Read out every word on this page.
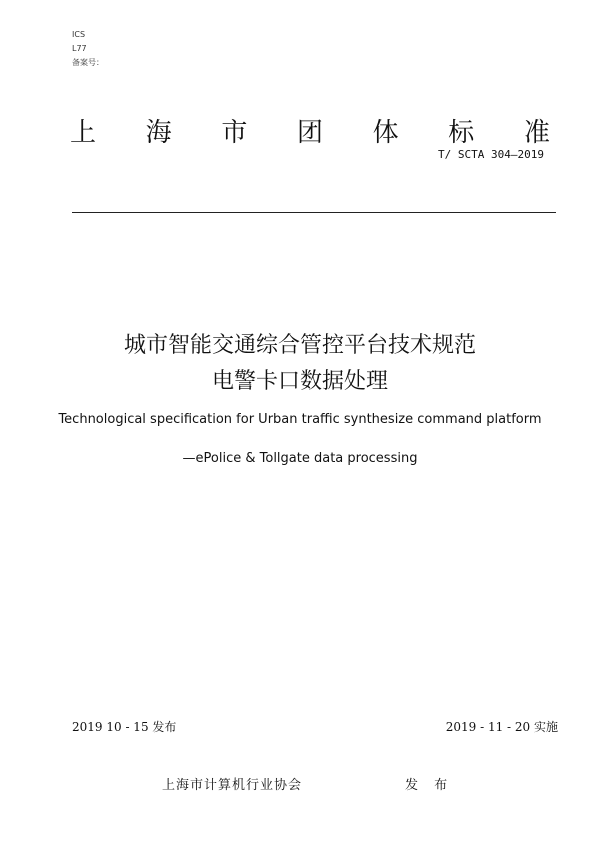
ICS
L77
备案号：
上 海 市 团 体 标 准
T/ SCTA 304—2019
城市智能交通综合管控平台技术规范
电警卡口数据处理
Technological specification for Urban traffic synthesize command platform
—ePolice & Tollgate data processing
2019 10 - 15 发布	2019 - 11 - 20 实施
上海市计算机行业协会	发 布
